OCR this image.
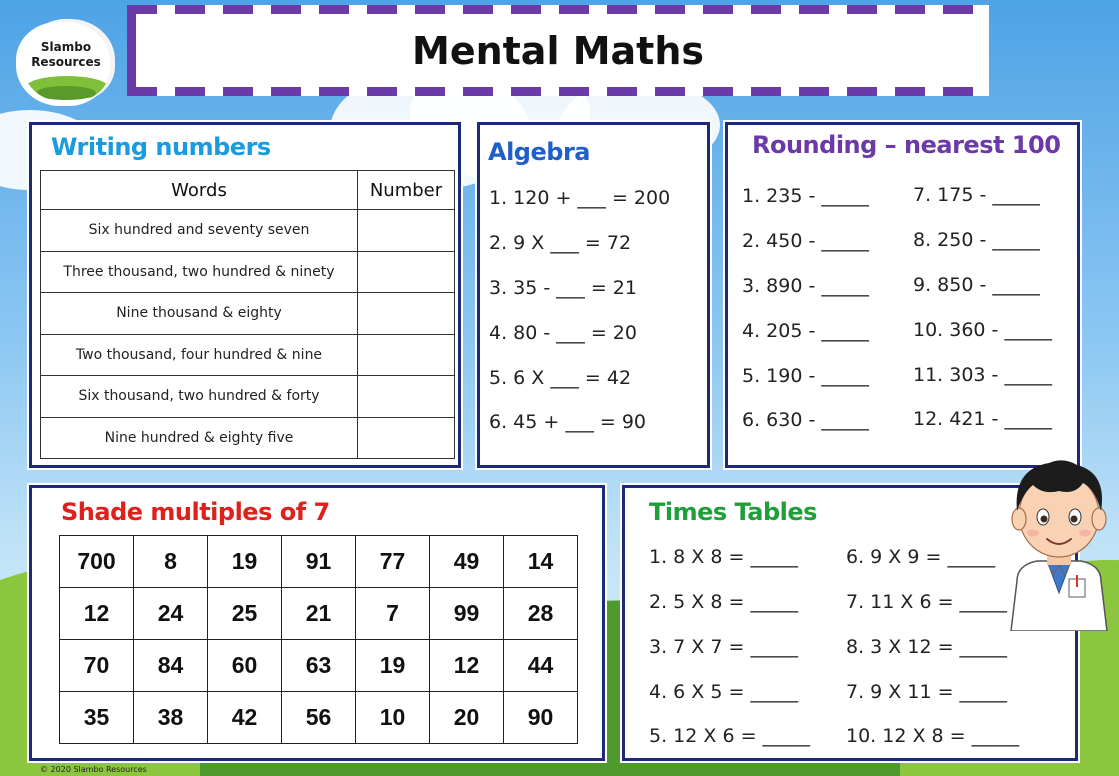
Slambo
Resources	Mental Maths
Writing numbers
Words	Number
Six hundred and seventy seven	
Three thousand, two hundred & ninety	
Nine thousand & eighty	
Two thousand, four hundred & nine	
Six thousand, two hundred & forty	
Nine hundred & eighty five	
Algebra
1. 120 + ___ = 200
2. 9 X ___ = 72
3. 35 - ___ = 21
4. 80 - ___ = 20
5. 6 X ___ = 42
6. 45 + ___ = 90
Rounding – nearest 100
1. 235 - _____
2. 450 - _____
3. 890 - _____
4. 205 - _____
5. 190 - _____
6. 630 - _____
7. 175 - _____
8. 250 - _____
9. 850 - _____
10. 360 - _____
11. 303 - _____
12. 421 - _____
Shade multiples of 7
700	8	19	91	77	49	14
12	24	25	21	7	99	28
70	84	60	63	19	12	44
35	38	42	56	10	20	90
Times Tables
1. 8 X 8 = _____
2. 5 X 8 = _____
3. 7 X 7 = _____
4. 6 X 5 = _____
5. 12 X 6 = _____
6. 9 X 9 = _____
7. 11 X 6 = _____
8. 3 X 12 = _____
7. 9 X 11 = _____
10. 12 X 8 = _____
© 2020 Slambo Resources
